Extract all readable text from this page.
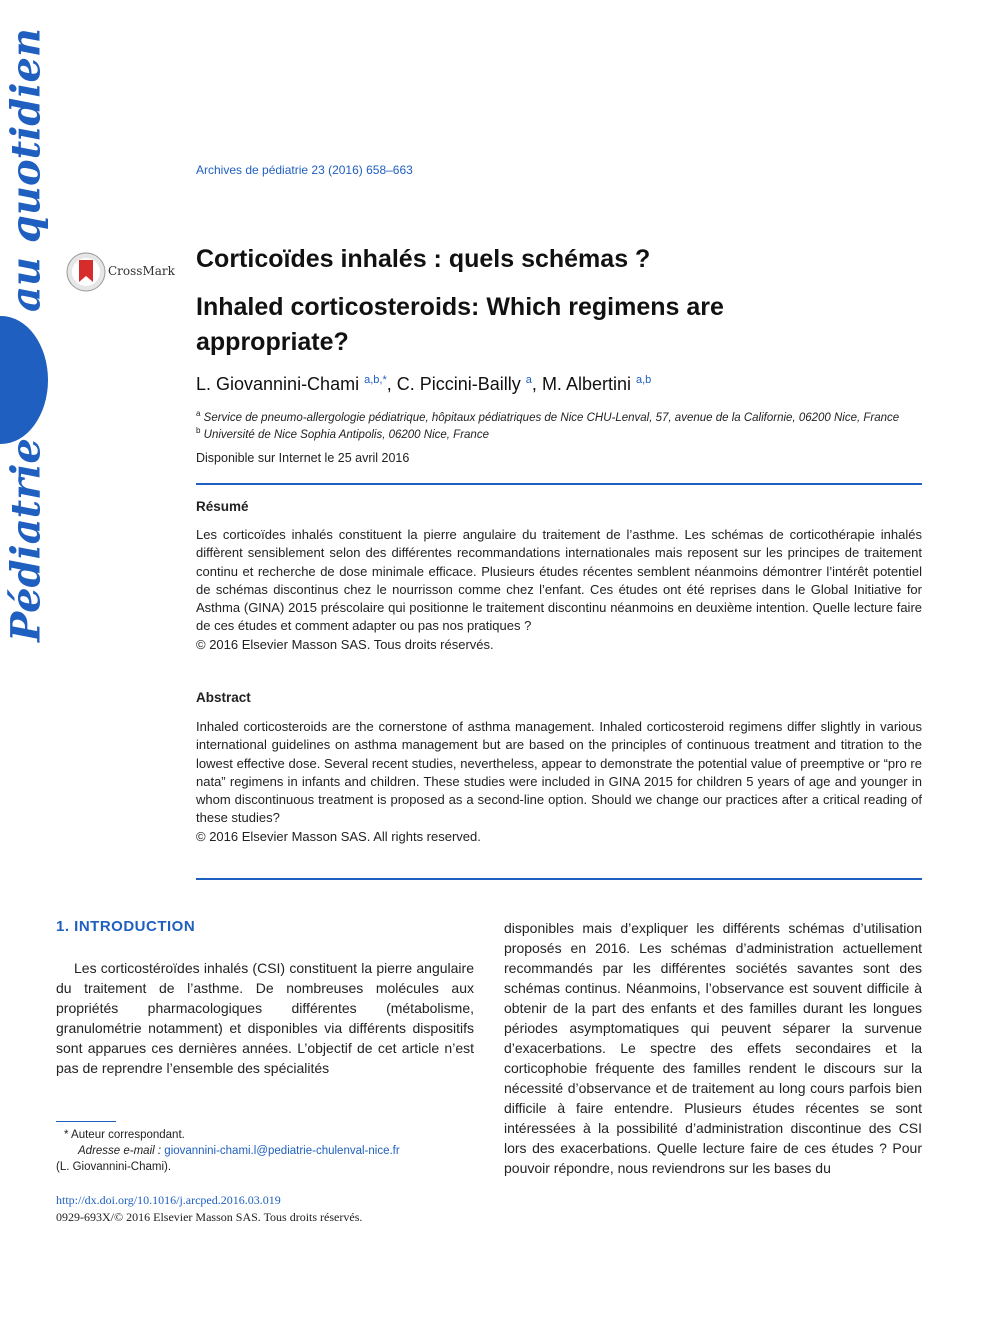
au quotidien
Pédiatrie
Archives de pédiatrie 23 (2016) 658–663
CrossMark Corticoïdes inhalés : quels schémas ?
Inhaled corticosteroids: Which regimens are appropriate?
L. Giovannini-Chami $^{a,b,*}$, C. Piccini-Bailly $^a$, M. Albertini $^{a,b}$
$^a$ Service de pneumo-allergologie pédiatrique, hôpitaux pédiatriques de Nice CHU-Lenval, 57, avenue de la Californie, 06200 Nice, France
$^b$ Université de Nice Sophia Antipolis, 06200 Nice, France
Disponible sur Internet le 25 avril 2016
Résumé

Les corticoïdes inhalés constituent la pierre angulaire du traitement de l’asthme. Les schémas de corticothérapie inhalés diffèrent sensiblement selon des différentes recommandations internationales mais reposent sur les principes de traitement continu et recherche de dose minimale efficace. Plusieurs études récentes semblent néanmoins démontrer l’intérêt potentiel de schémas discontinus chez le nourrisson comme chez l’enfant. Ces études ont été reprises dans le Global Initiative for Asthma (GINA) 2015 préscolaire qui positionne le traitement discontinu néanmoins en deuxième intention. Quelle lecture faire de ces études et comment adapter ou pas nos pratiques ?

© 2016 Elsevier Masson SAS. Tous droits réservés.

Abstract

Inhaled corticosteroids are the cornerstone of asthma management. Inhaled corticosteroid regimens differ slightly in various international guidelines on asthma management but are based on the principles of continuous treatment and titration to the lowest effective dose. Several recent studies, nevertheless, appear to demonstrate the potential value of preemptive or “pro re nata” regimens in infants and children. These studies were included in GINA 2015 for children 5 years of age and younger in whom discontinuous treatment is proposed as a second-line option. Should we change our practices after a critical reading of these studies?

© 2016 Elsevier Masson SAS. All rights reserved.

1. INTRODUCTION

Les corticostéroïdes inhalés (CSI) constituent la pierre angulaire du traitement de l’asthme. De nombreuses molécules aux propriétés pharmacologiques différentes (métabolisme, granulométrie notamment) et disponibles via différents dispositifs sont apparues ces dernières années. L’objectif de cet article n’est pas de reprendre l’ensemble des spécialités

disponibles mais d’expliquer les différents schémas d’utilisation proposés en 2016. Les schémas d’administration actuellement recommandés par les différentes sociétés savantes sont des schémas continus. Néanmoins, l’observance est souvent difficile à obtenir de la part des enfants et des familles durant les longues périodes asymptomatiques qui peuvent séparer la survenue d’exacerbations. Le spectre des effets secondaires et la corticophobie fréquente des familles rendent le discours sur la nécessité d’observance et de traitement au long cours parfois bien difficile à faire entendre. Plusieurs études récentes se sont intéressées à la possibilité d’administration discontinue des CSI lors des exacerbations. Quelle lecture faire de ces études ? Pour pouvoir répondre, nous reviendrons sur les bases du

* Auteur correspondant.
Adresse e-mail : giovannini-chami.l@pediatrie-chulenval-nice.fr
(L. Giovannini-Chami).
http://dx.doi.org/10.1016/j.arcped.2016.03.019
0929-693X/© 2016 Elsevier Masson SAS. Tous droits réservés.
